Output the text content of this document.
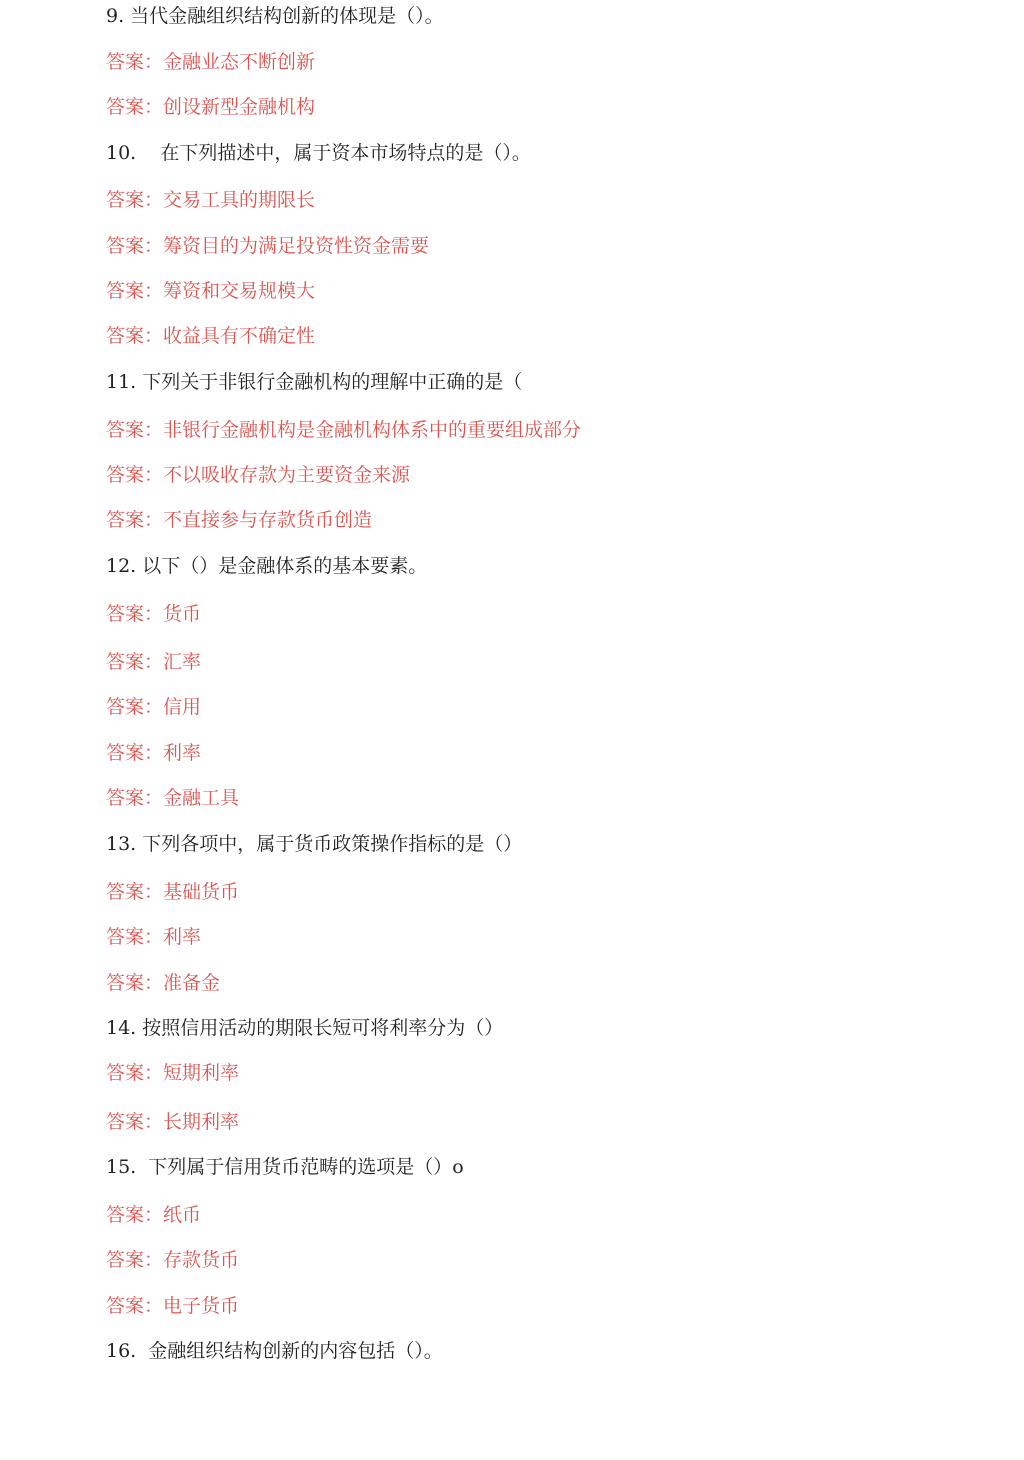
9. 当代金融组织结构创新的体现是（）。

答案：金融业态不断创新

答案：创设新型金融机构

10.    在下列描述中，属于资本市场特点的是（）。

答案：交易工具的期限长

答案：筹资目的为满足投资性资金需要

答案：筹资和交易规模大

答案：收益具有不确定性

11. 下列关于非银行金融机构的理解中正确的是（

答案：非银行金融机构是金融机构体系中的重要组成部分

答案：不以吸收存款为主要资金来源

答案：不直接参与存款货币创造

12. 以下（）是金融体系的基本要素。

答案：货币

答案：汇率

答案：信用

答案：利率

答案：金融工具

13. 下列各项中，属于货币政策操作指标的是（）

答案：基础货币

答案：利率

答案：准备金

14. 按照信用活动的期限长短可将利率分为（）

答案：短期利率

答案：长期利率

15.  下列属于信用货币范畴的选项是（）o

答案：纸币

答案：存款货币

答案：电子货币

16.  金融组织结构创新的内容包括（）。
